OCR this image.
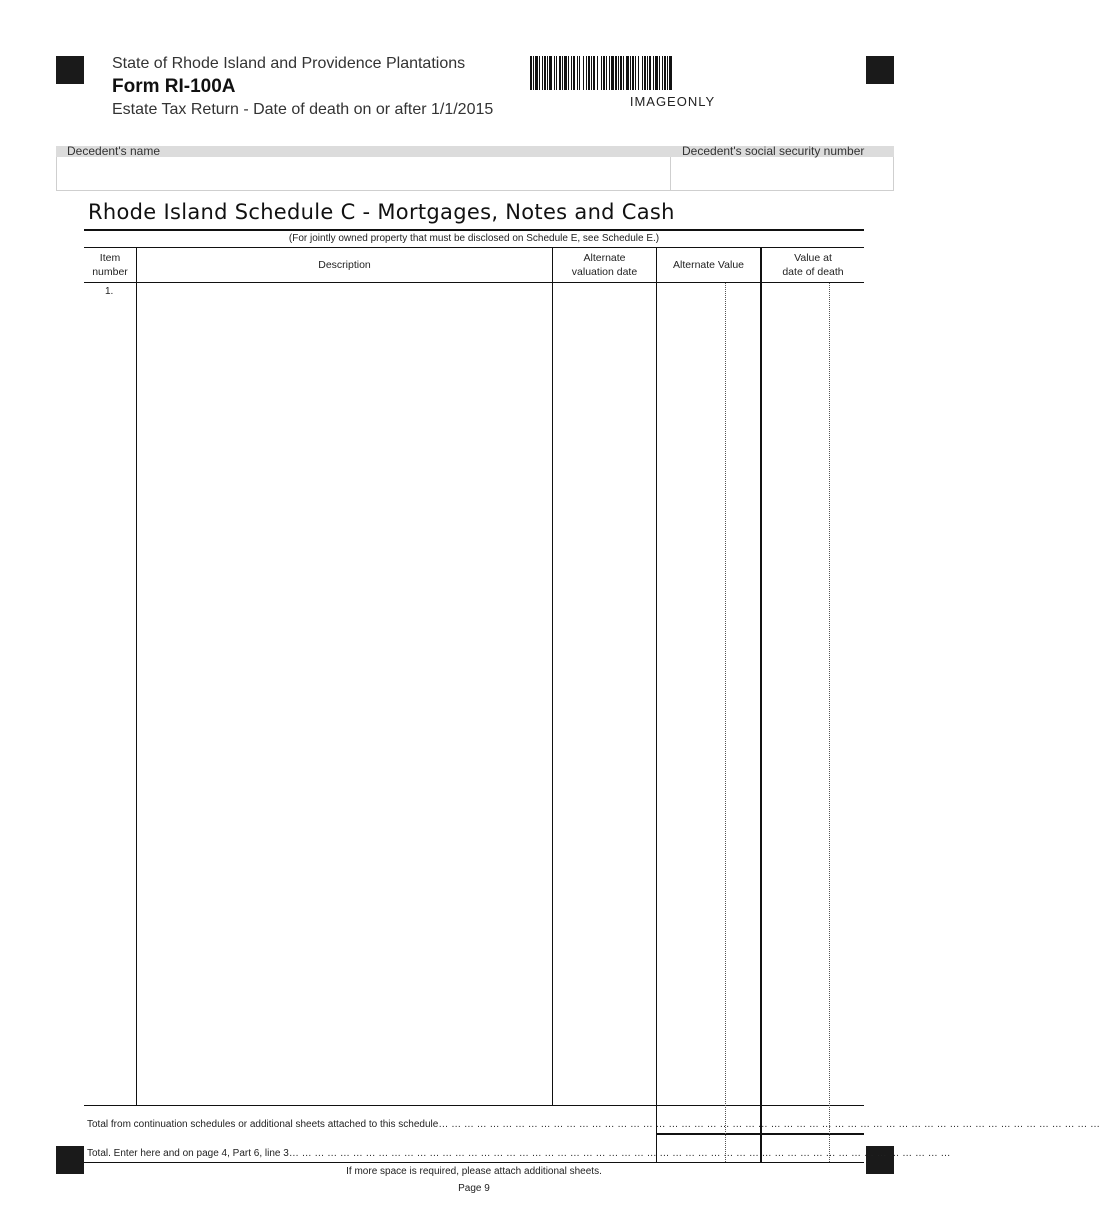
State of Rhode Island and Providence Plantations
Form RI-100A
Estate Tax Return - Date of death on or after 1/1/2015	IMAGEONLY
Decedent's name	Decedent's social security number
Rhode Island Schedule C - Mortgages, Notes and Cash
(For jointly owned property that must be disclosed on Schedule E, see Schedule E.)
Item
number
Description
Alternate
valuation date
Alternate Value
Value at
date of death
1.
Total from continuation schedules or additional sheets attached to this schedule… … … … … … … … … … … … … … … … … … … … … … … … … … … … … … … … … … … … … … … … … … … … … … … … … … … …
Total. Enter here and on page 4, Part 6, line 3… … … … … … … … … … … … … … … … … … … … … … … … … … … … … … … … … … … … … … … … … … … … … … … … … … … …
If more space is required, please attach additional sheets.
Page 9
